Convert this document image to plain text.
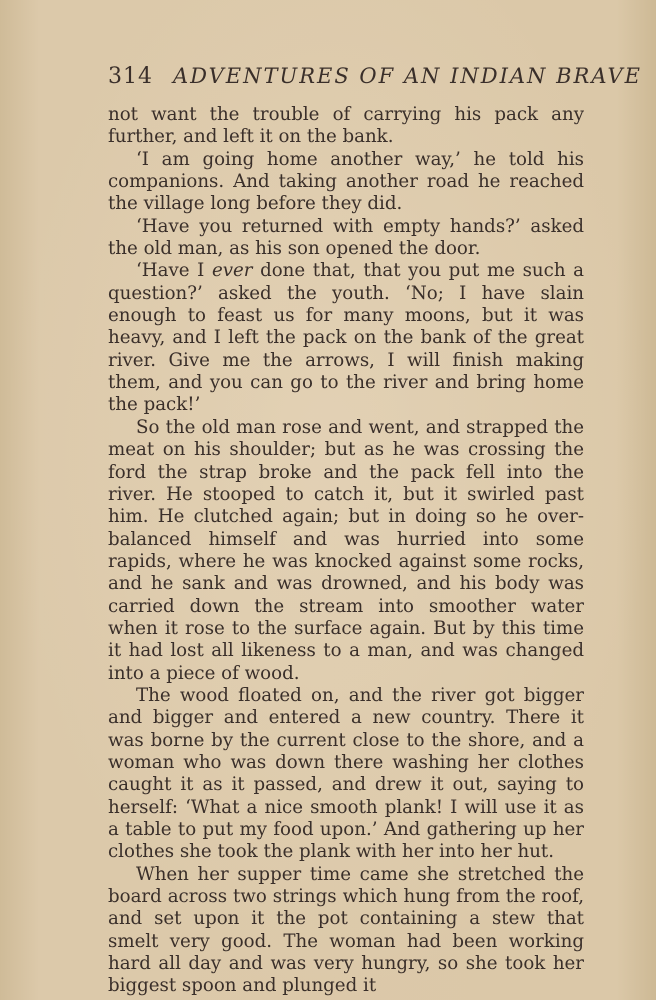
314 ADVENTURES OF AN INDIAN BRAVE

not want the trouble of carrying his pack any further, and left it on the bank.

‘I am going home another way,’ he told his companions. And taking another road he reached the village long before they did.

‘Have you returned with empty hands?’ asked the old man, as his son opened the door.

‘Have I ever done that, that you put me such a question?’ asked the youth. ‘No; I have slain enough to feast us for many moons, but it was heavy, and I left the pack on the bank of the great river. Give me the arrows, I will finish making them, and you can go to the river and bring home the pack!’

So the old man rose and went, and strapped the meat on his shoulder; but as he was crossing the ford the strap broke and the pack fell into the river. He stooped to catch it, but it swirled past him. He clutched again; but in doing so he over-balanced himself and was hurried into some rapids, where he was knocked against some rocks, and he sank and was drowned, and his body was carried down the stream into smoother water when it rose to the surface again. But by this time it had lost all likeness to a man, and was changed into a piece of wood.

The wood floated on, and the river got bigger and bigger and entered a new country. There it was borne by the current close to the shore, and a woman who was down there washing her clothes caught it as it passed, and drew it out, saying to herself: ‘What a nice smooth plank! I will use it as a table to put my food upon.’ And gathering up her clothes she took the plank with her into her hut.

When her supper time came she stretched the board across two strings which hung from the roof, and set upon it the pot containing a stew that smelt very good. The woman had been working hard all day and was very hungry, so she took her biggest spoon and plunged it
